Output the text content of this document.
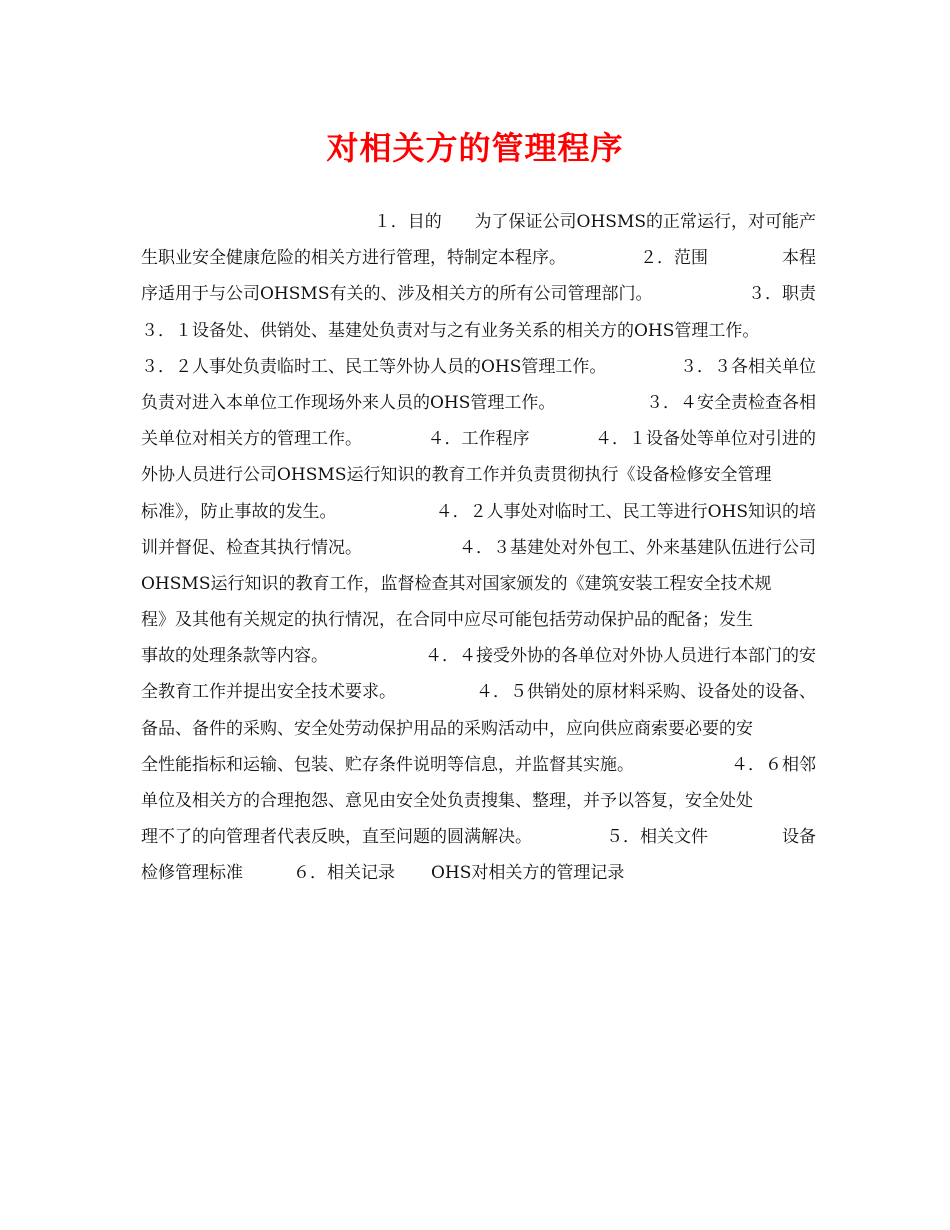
对相关方的管理程序
１．目的 为了保证公司OHSMS的正常运行，对可能产
生职业安全健康危险的相关方进行管理，特制定本程序。	２．范围	本程
序适用于与公司OHSMS有关的、涉及相关方的所有公司管理部门。	３．职责
３．１设备处、供销处、基建处负责对与之有业务关系的相关方的OHS管理工作。
３．２人事处负责临时工、民工等外协人员的OHS管理工作。	３．３各相关单位
负责对进入本单位工作现场外来人员的OHS管理工作。	３．４安全责检查各相
关单位对相关方的管理工作。	４．工作程序	４．１设备处等单位对引进的
外协人员进行公司OHSMS运行知识的教育工作并负责贯彻执行《设备检修安全管理
标准》，防止事故的发生。	４．２人事处对临时工、民工等进行OHS知识的培
训并督促、检查其执行情况。	４．３基建处对外包工、外来基建队伍进行公司
OHSMS运行知识的教育工作，监督检查其对国家颁发的《建筑安装工程安全技术规
程》及其他有关规定的执行情况，在合同中应尽可能包括劳动保护品的配备；发生
事故的处理条款等内容。	４．４接受外协的各单位对外协人员进行本部门的安
全教育工作并提出安全技术要求。	４．５供销处的原材料采购、设备处的设备、
备品、备件的采购、安全处劳动保护用品的采购活动中，应向供应商索要必要的安
全性能指标和运输、包装、贮存条件说明等信息，并监督其实施。	４．６相邻
单位及相关方的合理抱怨、意见由安全处负责搜集、整理，并予以答复，安全处处
理不了的向管理者代表反映，直至问题的圆满解决。	５．相关文件	设备
检修管理标准	６．相关记录 OHS对相关方的管理记录
